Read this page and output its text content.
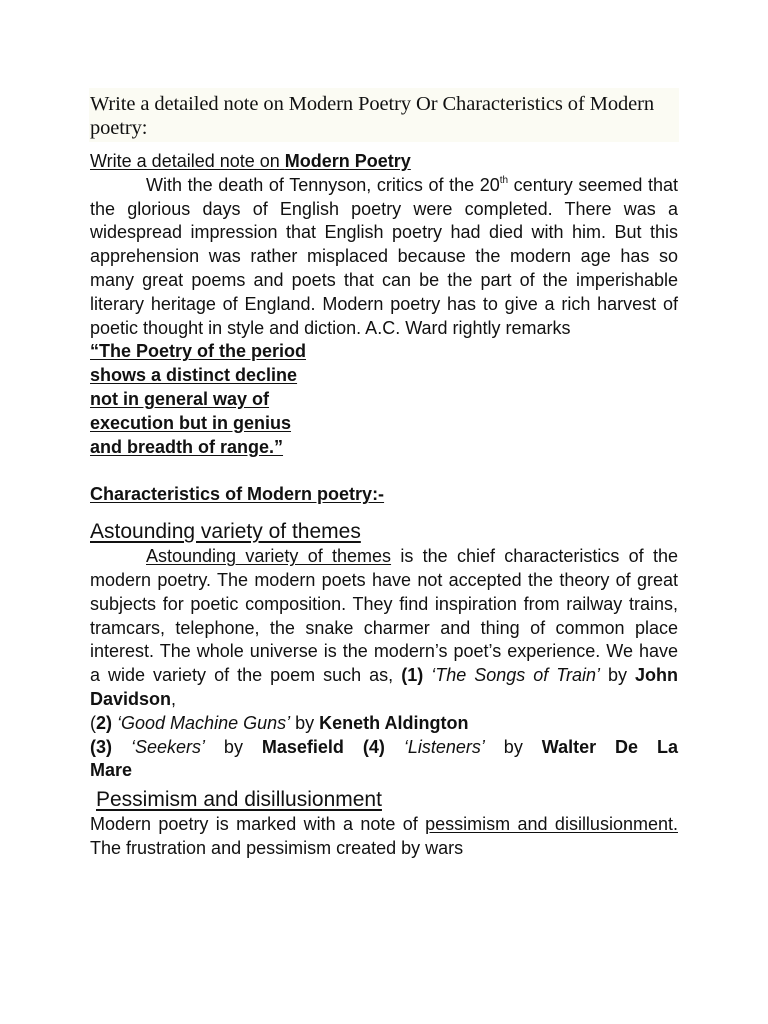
Write a detailed note on Modern Poetry Or Characteristics of Modern poetry:

Write a detailed note on Modern Poetry

With the death of Tennyson, critics of the 20th century seemed that the glorious days of English poetry were completed. There was a widespread impression that English poetry had died with him. But this apprehension was rather misplaced because the modern age has so many great poems and poets that can be the part of the imperishable literary heritage of England. Modern poetry has to give a rich harvest of poetic thought in style and diction. A.C. Ward rightly remarks

“The Poetry of the period
shows a distinct decline
not in general way of
execution but in genius
and breadth of range.”

Characteristics of Modern poetry:-

Astounding variety of themes

Astounding variety of themes is the chief characteristics of the modern poetry. The modern poets have not accepted the theory of great subjects for poetic composition. They find inspiration from railway trains, tramcars, telephone, the snake charmer and thing of common place interest. The whole universe is the modern’s poet’s experience. We have a wide variety of the poem such as, (1) ‘The Songs of Train’ by John Davidson,
(2) ‘Good Machine Guns’ by Keneth Aldington

(3) ‘Seekers’ by Masefield (4) ‘Listeners’ by Walter De La

Mare

Pessimism and disillusionment

Modern poetry is marked with a note of pessimism and disillusionment. The frustration and pessimism created by wars
